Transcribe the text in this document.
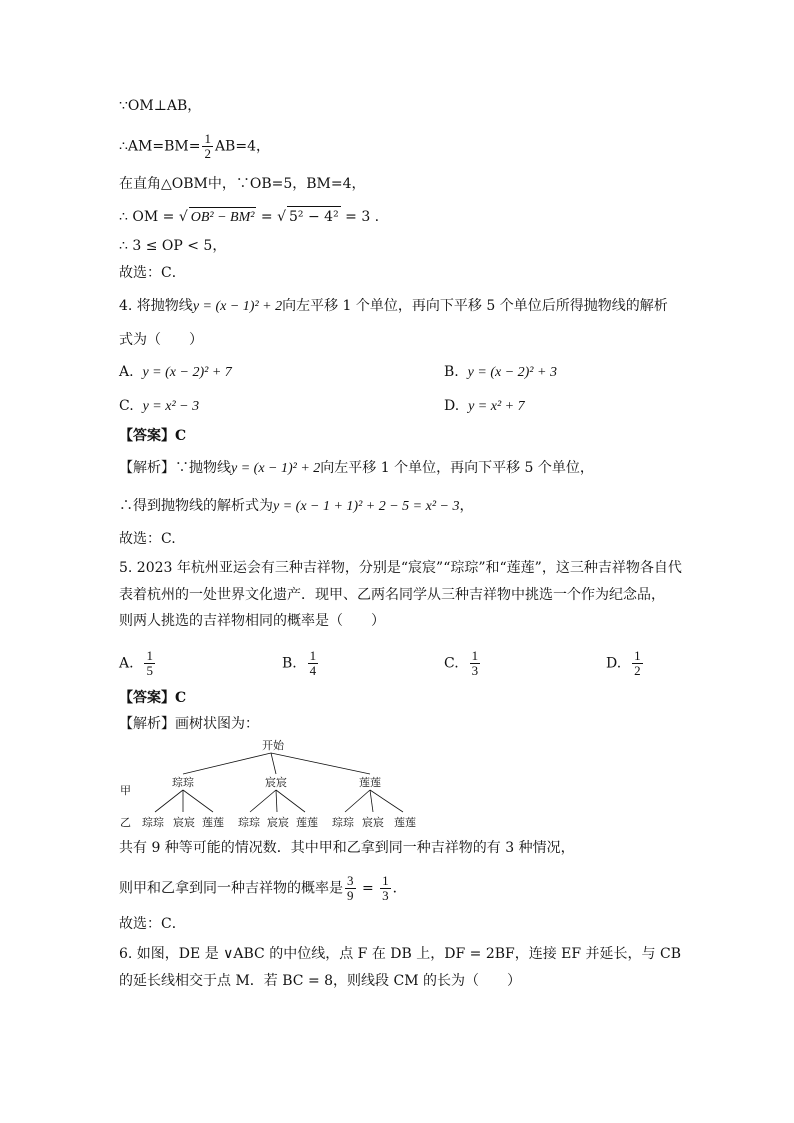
∵OM⊥AB，
∴AM=BM= $\frac{1}{2} AB=4$，
在直角△OBM中，∵OB=5，BM=4，
∴ OM = √ OB² − BM² = √ 5² − 4² = 3 .
∴ 3 ≤ OP < 5，
故选：C．
4. 将抛物线y = (x − 1)² + 2向左平移 1 个单位，再向下平移 5 个单位后所得抛物线的解析
式为（　　）
A. y = (x − 2)² + 7	B. y = (x − 2)² + 3
C. y = x² − 3	D. y = x² + 7
【答案】C
【解析】∵抛物线y = (x − 1)² + 2向左平移 1 个单位，再向下平移 5 个单位，
∴得到抛物线的解析式为y = (x − 1 + 1)² + 2 − 5 = x² − 3，
故选：C.
5. 2023 年杭州亚运会有三种吉祥物，分别是“宸宸”“琮琮”和“莲莲”，这三种吉祥物各自代
表着杭州的一处世界文化遗产．现甲、乙两名同学从三种吉祥物中挑选一个作为纪念品，
则两人挑选的吉祥物相同的概率是（　　）
A. $\frac{1}{5}$	B. $\frac{1}{4}$	C. $\frac{1}{3}$	D. $\frac{1}{2}$
【答案】C
【解析】画树状图为：
开始
甲
琮琮	宸宸	莲莲
乙 琮琮 宸宸 莲莲 琮琮 宸宸 莲莲 琮琮 宸宸 莲莲
共有 9 种等可能的情况数．其中甲和乙拿到同一种吉祥物的有 3 种情况，
则甲和乙拿到同一种吉祥物的概率是 $\frac{3}{9} = \frac{1}{3}$ ．
故选：C．
6. 如图，DE 是 ∨ABC 的中位线，点 F 在 DB 上，DF = 2BF，连接 EF 并延长，与 CB
的延长线相交于点 M．若 BC = 8，则线段 CM 的长为（　　）
